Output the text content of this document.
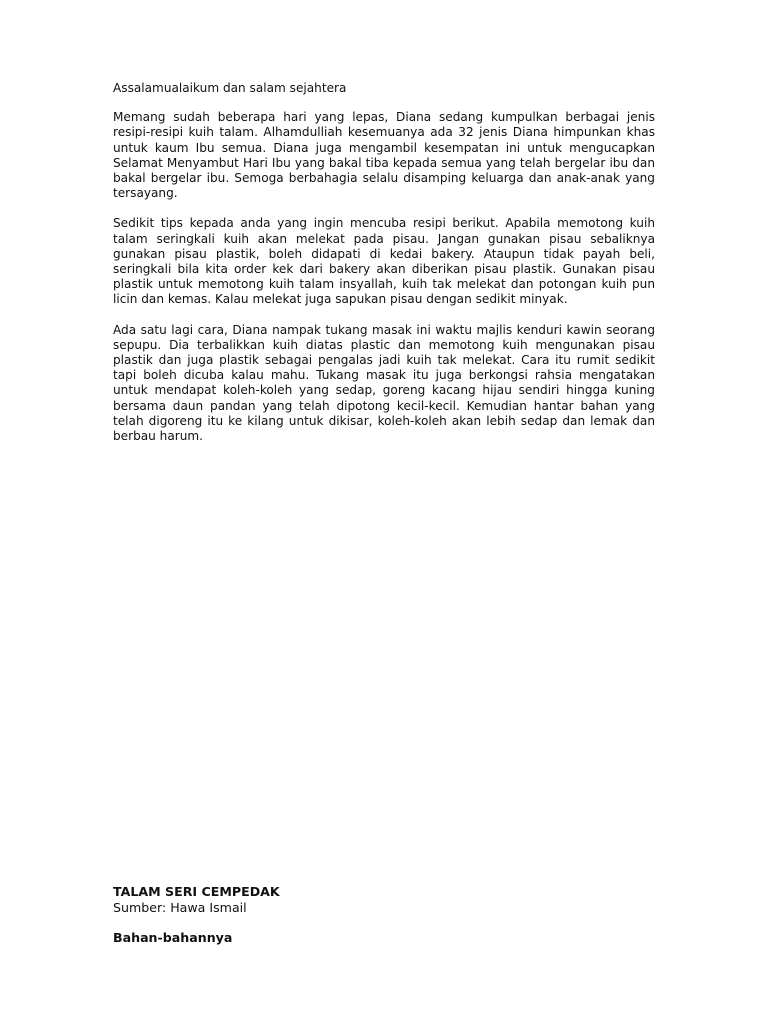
Assalamualaikum dan salam sejahtera

Memang sudah beberapa hari yang lepas, Diana sedang kumpulkan berbagai jenis resipi-resipi kuih talam. Alhamdulliah kesemuanya ada 32 jenis Diana himpunkan khas untuk kaum Ibu semua. Diana juga mengambil kesempatan ini untuk mengucapkan Selamat Menyambut Hari Ibu yang bakal tiba kepada semua yang telah bergelar ibu dan bakal bergelar ibu. Semoga berbahagia selalu disamping keluarga dan anak-anak yang tersayang.

Sedikit tips kepada anda yang ingin mencuba resipi berikut. Apabila memotong kuih talam seringkali kuih akan melekat pada pisau. Jangan gunakan pisau sebaliknya gunakan pisau plastik, boleh didapati di kedai bakery. Ataupun tidak payah beli, seringkali bila kita order kek dari bakery akan diberikan pisau plastik. Gunakan pisau plastik untuk memotong kuih talam insyallah, kuih tak melekat dan potongan kuih pun licin dan kemas. Kalau melekat juga sapukan pisau dengan sedikit minyak.

Ada satu lagi cara, Diana nampak tukang masak ini waktu majlis kenduri kawin seorang sepupu. Dia terbalikkan kuih diatas plastic dan memotong kuih mengunakan pisau plastik dan juga plastik sebagai pengalas jadi kuih tak melekat. Cara itu rumit sedikit tapi boleh dicuba kalau mahu. Tukang masak itu juga berkongsi rahsia mengatakan untuk mendapat koleh-koleh yang sedap, goreng kacang hijau sendiri hingga kuning bersama daun pandan yang telah dipotong kecil-kecil. Kemudian hantar bahan yang telah digoreng itu ke kilang untuk dikisar, koleh-koleh akan lebih sedap dan lemak dan berbau harum.

TALAM SERI CEMPEDAK

Sumber: Hawa Ismail

Bahan-bahannya
